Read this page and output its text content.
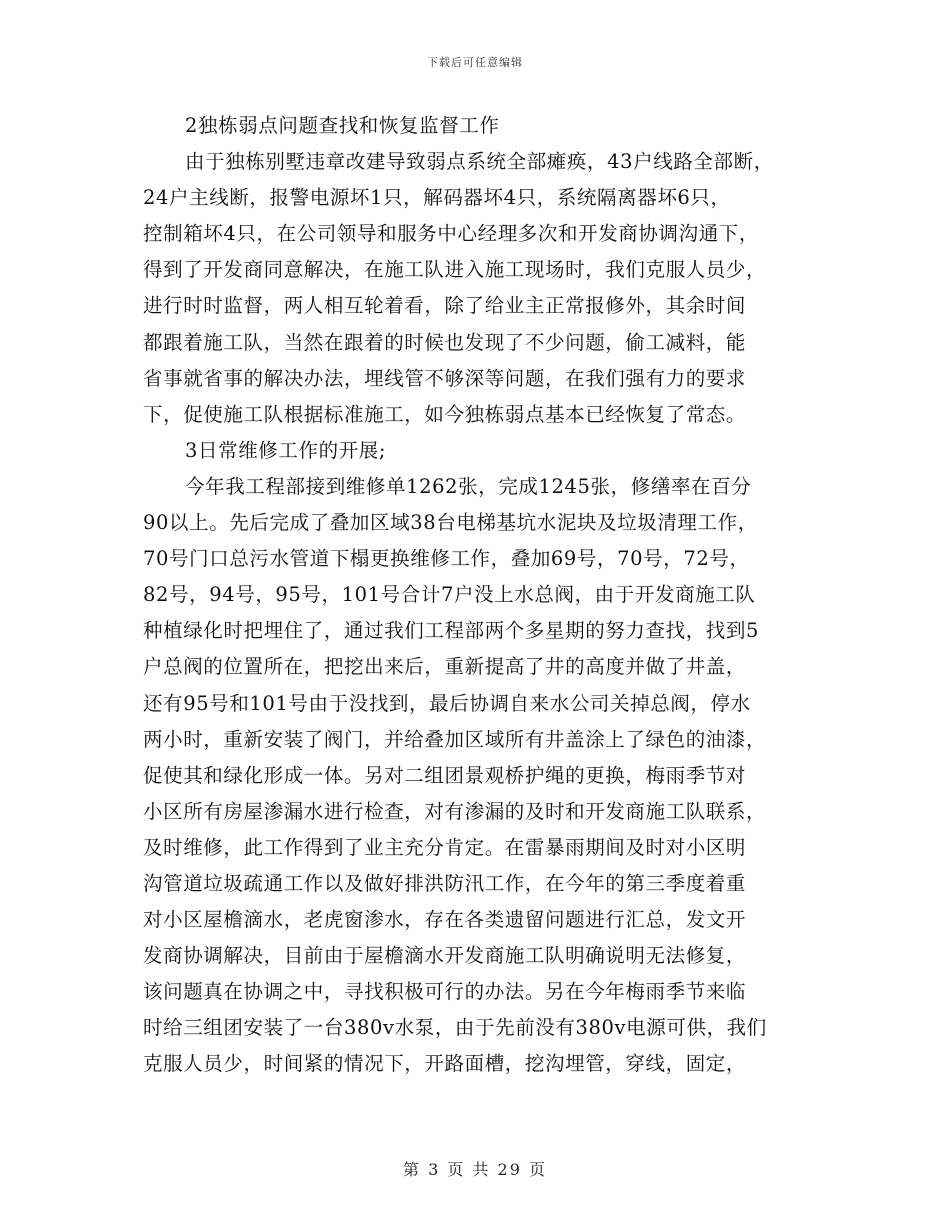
下载后可任意编辑
2独栋弱点问题查找和恢复监督工作
由于独栋别墅违章改建导致弱点系统全部瘫痪，43户线路全部断，
24户主线断，报警电源坏1只，解码器坏4只，系统隔离器坏6只，
控制箱坏4只，在公司领导和服务中心经理多次和开发商协调沟通下，
得到了开发商同意解决，在施工队进入施工现场时，我们克服人员少，
进行时时监督，两人相互轮着看，除了给业主正常报修外，其余时间
都跟着施工队，当然在跟着的时候也发现了不少问题，偷工减料，能
省事就省事的解决办法，埋线管不够深等问题，在我们强有力的要求
下，促使施工队根据标准施工，如今独栋弱点基本已经恢复了常态。
3日常维修工作的开展;
今年我工程部接到维修单1262张，完成1245张，修缮率在百分
90以上。先后完成了叠加区域38台电梯基坑水泥块及垃圾清理工作，
70号门口总污水管道下榻更换维修工作，叠加69号，70号，72号，
82号，94号，95号，101号合计7户没上水总阀，由于开发商施工队
种植绿化时把埋住了，通过我们工程部两个多星期的努力查找，找到5
户总阀的位置所在，把挖出来后，重新提高了井的高度并做了井盖，
还有95号和101号由于没找到，最后协调自来水公司关掉总阀，停水
两小时，重新安装了阀门，并给叠加区域所有井盖涂上了绿色的油漆，
促使其和绿化形成一体。另对二组团景观桥护绳的更换，梅雨季节对
小区所有房屋渗漏水进行检查，对有渗漏的及时和开发商施工队联系，
及时维修，此工作得到了业主充分肯定。在雷暴雨期间及时对小区明
沟管道垃圾疏通工作以及做好排洪防汛工作，在今年的第三季度着重
对小区屋檐滴水，老虎窗渗水，存在各类遗留问题进行汇总，发文开
发商协调解决，目前由于屋檐滴水开发商施工队明确说明无法修复，
该问题真在协调之中，寻找积极可行的办法。另在今年梅雨季节来临
时给三组团安装了一台380v水泵，由于先前没有380v电源可供，我们
克服人员少，时间紧的情况下，开路面槽，挖沟埋管，穿线，固定，
第 3 页 共 29 页
